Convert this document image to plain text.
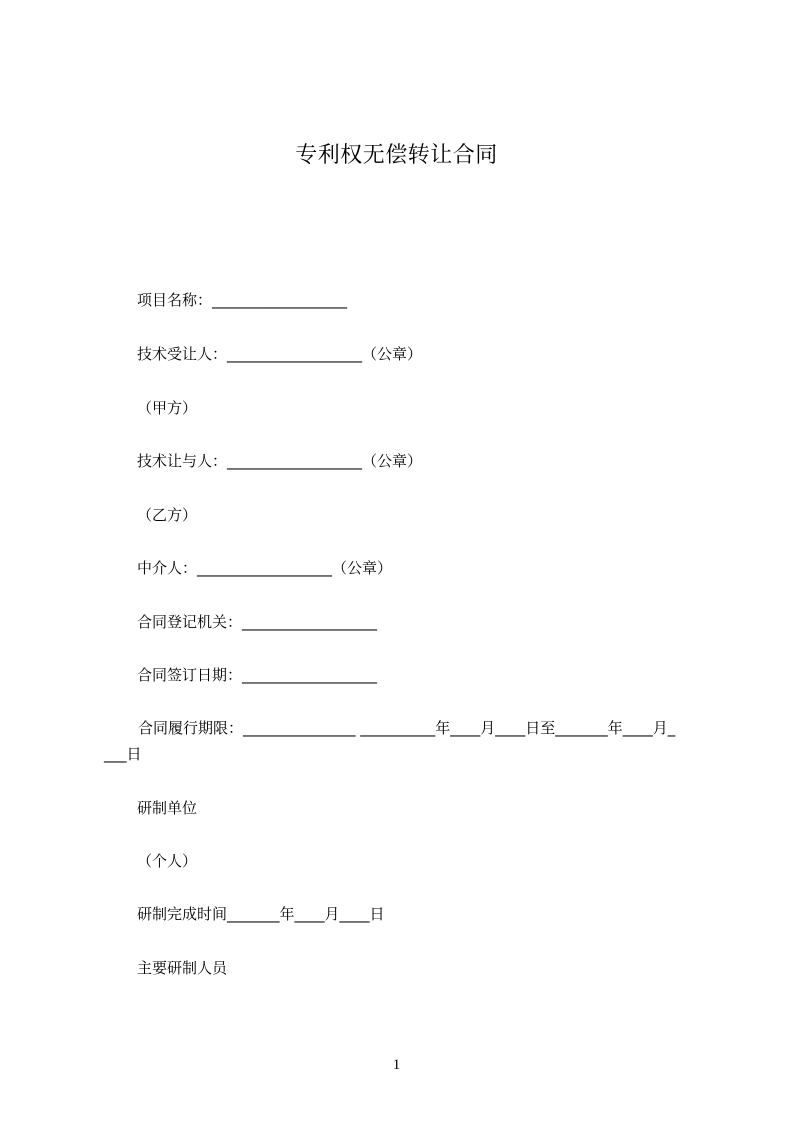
专利权无偿转让合同
项目名称：__________________
技术受让人：__________________（公章）
（甲方）
技术让与人：__________________（公章）
（乙方）
中介人：__________________（公章）
合同登记机关：__________________
合同签订日期：__________________
合同履行期限：_______________ __________年____月____日至_______年____月_
___日
研制单位
（个人）
研制完成时间_______年____月____日
主要研制人员
1
